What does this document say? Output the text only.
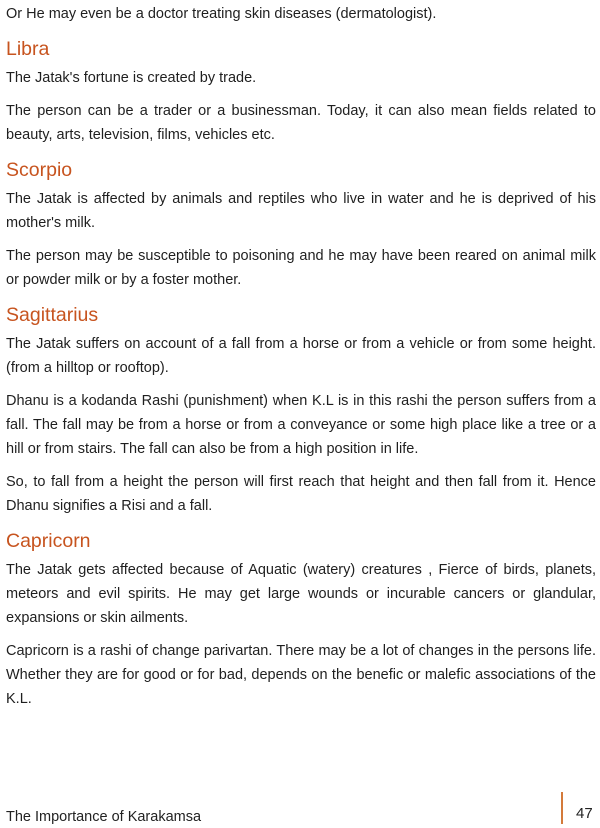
Or He may even be a doctor treating skin diseases (dermatologist).

Libra

The Jatak's fortune is created by trade.

The person can be a trader or a businessman. Today, it can also mean fields related to beauty, arts, television, films, vehicles etc.

Scorpio

The Jatak is affected by animals and reptiles who live in water and he is deprived of his mother's milk.

The person may be susceptible to poisoning and he may have been reared on animal milk or powder milk or by a foster mother.

Sagittarius

The Jatak suffers on account of a fall from a horse or from a vehicle or from some height. (from a hilltop or rooftop).

Dhanu is a kodanda Rashi (punishment) when K.L is in this rashi the person suffers from a fall. The fall may be from a horse or from a conveyance or some high place like a tree or a hill or from stairs. The fall can also be from a high position in life.

So, to fall from a height the person will first reach that height and then fall from it. Hence Dhanu signifies a Risi and a fall.

Capricorn

The Jatak gets affected because of Aquatic (watery) creatures , Fierce of birds, planets, meteors and evil spirits. He may get large wounds or incurable cancers or glandular, expansions or skin ailments.

Capricorn is a rashi of change parivartan. There may be a lot of changes in the persons life. Whether they are for good or for bad, depends on the benefic or malefic associations of the K.L.

The Importance of Karakamsa	47
